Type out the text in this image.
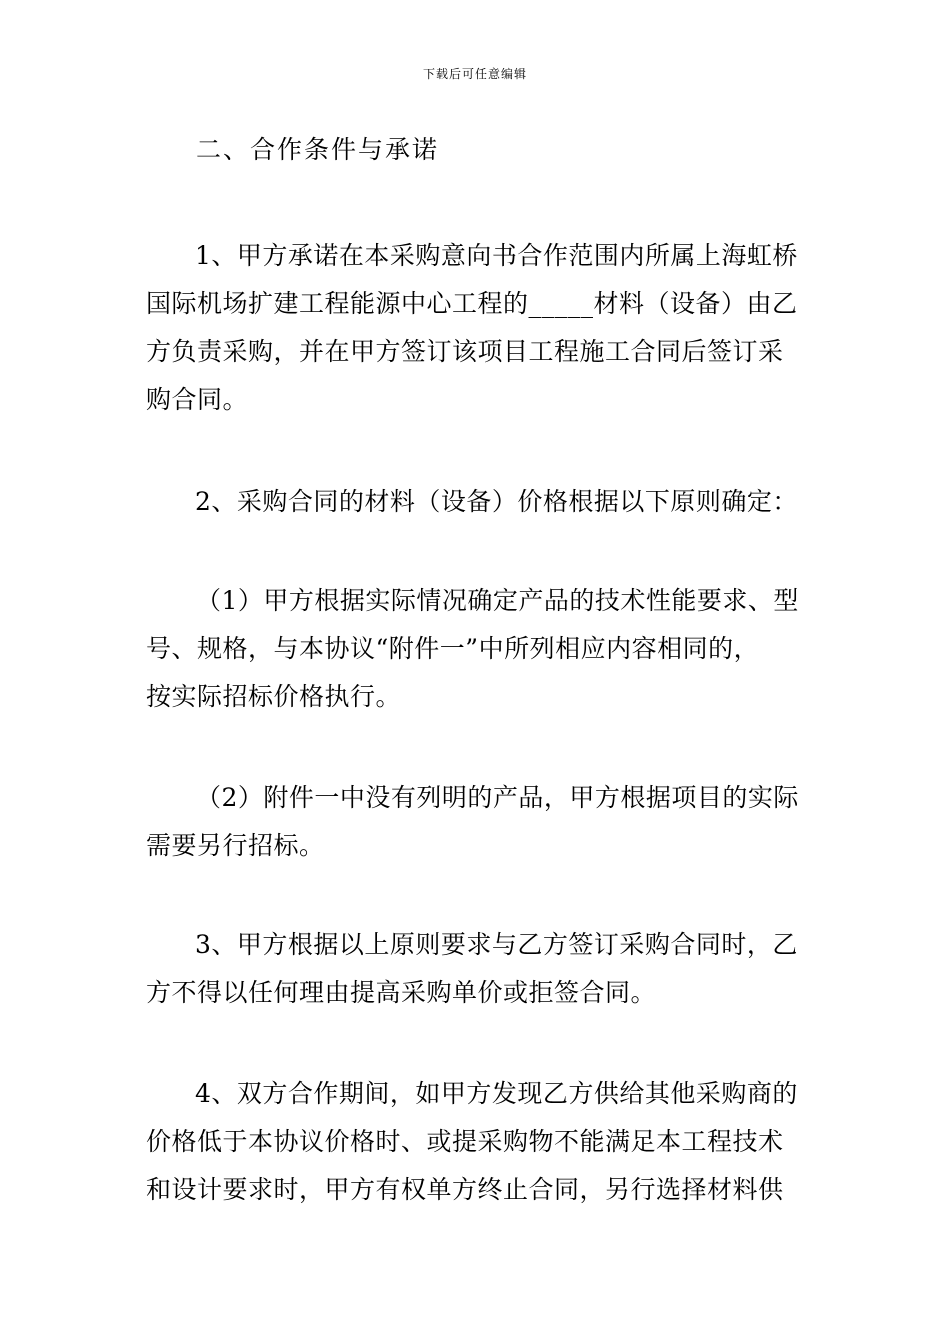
下载后可任意编辑
二、合作条件与承诺
1、甲方承诺在本采购意向书合作范围内所属上海虹桥
国际机场扩建工程能源中心工程的_____材料（设备）由乙
方负责采购，并在甲方签订该项目工程施工合同后签订采
购合同。
2、采购合同的材料（设备）价格根据以下原则确定：
（1）甲方根据实际情况确定产品的技术性能要求、型
号、规格，与本协议“附件一”中所列相应内容相同的，
按实际招标价格执行。
（2）附件一中没有列明的产品，甲方根据项目的实际
需要另行招标。
3、甲方根据以上原则要求与乙方签订采购合同时，乙
方不得以任何理由提高采购单价或拒签合同。
4、双方合作期间，如甲方发现乙方供给其他采购商的
价格低于本协议价格时、或提采购物不能满足本工程技术
和设计要求时，甲方有权单方终止合同，另行选择材料供
